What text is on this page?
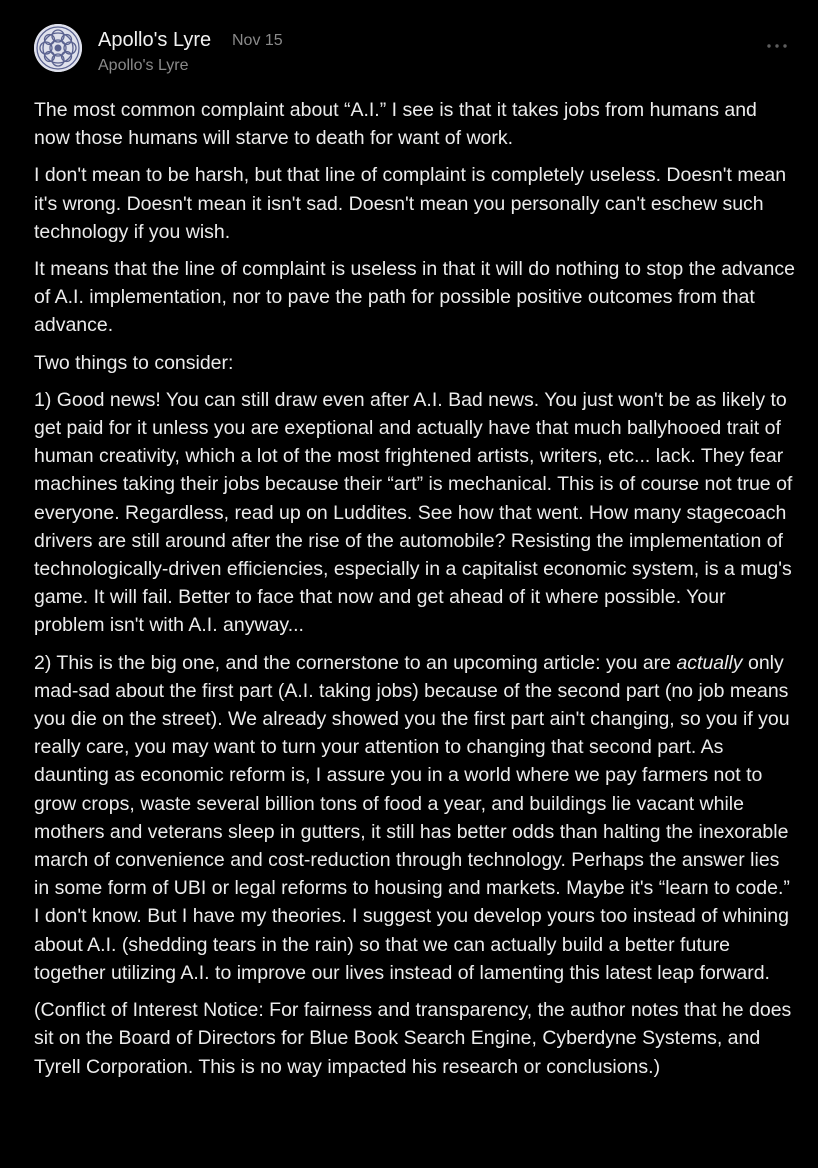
Apollo's Lyre Nov 15
Apollo's Lyre

The most common complaint about “A.I.” I see is that it takes jobs from humans and now those humans will starve to death for want of work.

I don't mean to be harsh, but that line of complaint is completely useless. Doesn't mean it's wrong. Doesn't mean it isn't sad. Doesn't mean you personally can't eschew such technology if you wish.

It means that the line of complaint is useless in that it will do nothing to stop the advance of A.I. implementation, nor to pave the path for possible positive outcomes from that advance.

Two things to consider:

1) Good news! You can still draw even after A.I. Bad news. You just won't be as likely to get paid for it unless you are exeptional and actually have that much ballyhooed trait of human creativity, which a lot of the most frightened artists, writers, etc... lack. They fear machines taking their jobs because their “art” is mechanical. This is of course not true of everyone. Regardless, read up on Luddites. See how that went. How many stagecoach drivers are still around after the rise of the automobile? Resisting the implementation of technologically-driven efficiencies, especially in a capitalist economic system, is a mug's game. It will fail. Better to face that now and get ahead of it where possible. Your problem isn't with A.I. anyway...

2) This is the big one, and the cornerstone to an upcoming article: you are actually only mad-sad about the first part (A.I. taking jobs) because of the second part (no job means you die on the street). We already showed you the first part ain't changing, so you if you really care, you may want to turn your attention to changing that second part. As daunting as economic reform is, I assure you in a world where we pay farmers not to grow crops, waste several billion tons of food a year, and buildings lie vacant while mothers and veterans sleep in gutters, it still has better odds than halting the inexorable march of convenience and cost-reduction through technology. Perhaps the answer lies in some form of UBI or legal reforms to housing and markets. Maybe it's “learn to code.” I don't know. But I have my theories. I suggest you develop yours too instead of whining about A.I. (shedding tears in the rain) so that we can actually build a better future together utilizing A.I. to improve our lives instead of lamenting this latest leap forward.

(Conflict of Interest Notice: For fairness and transparency, the author notes that he does sit on the Board of Directors for Blue Book Search Engine, Cyberdyne Systems, and Tyrell Corporation. This is no way impacted his research or conclusions.)
